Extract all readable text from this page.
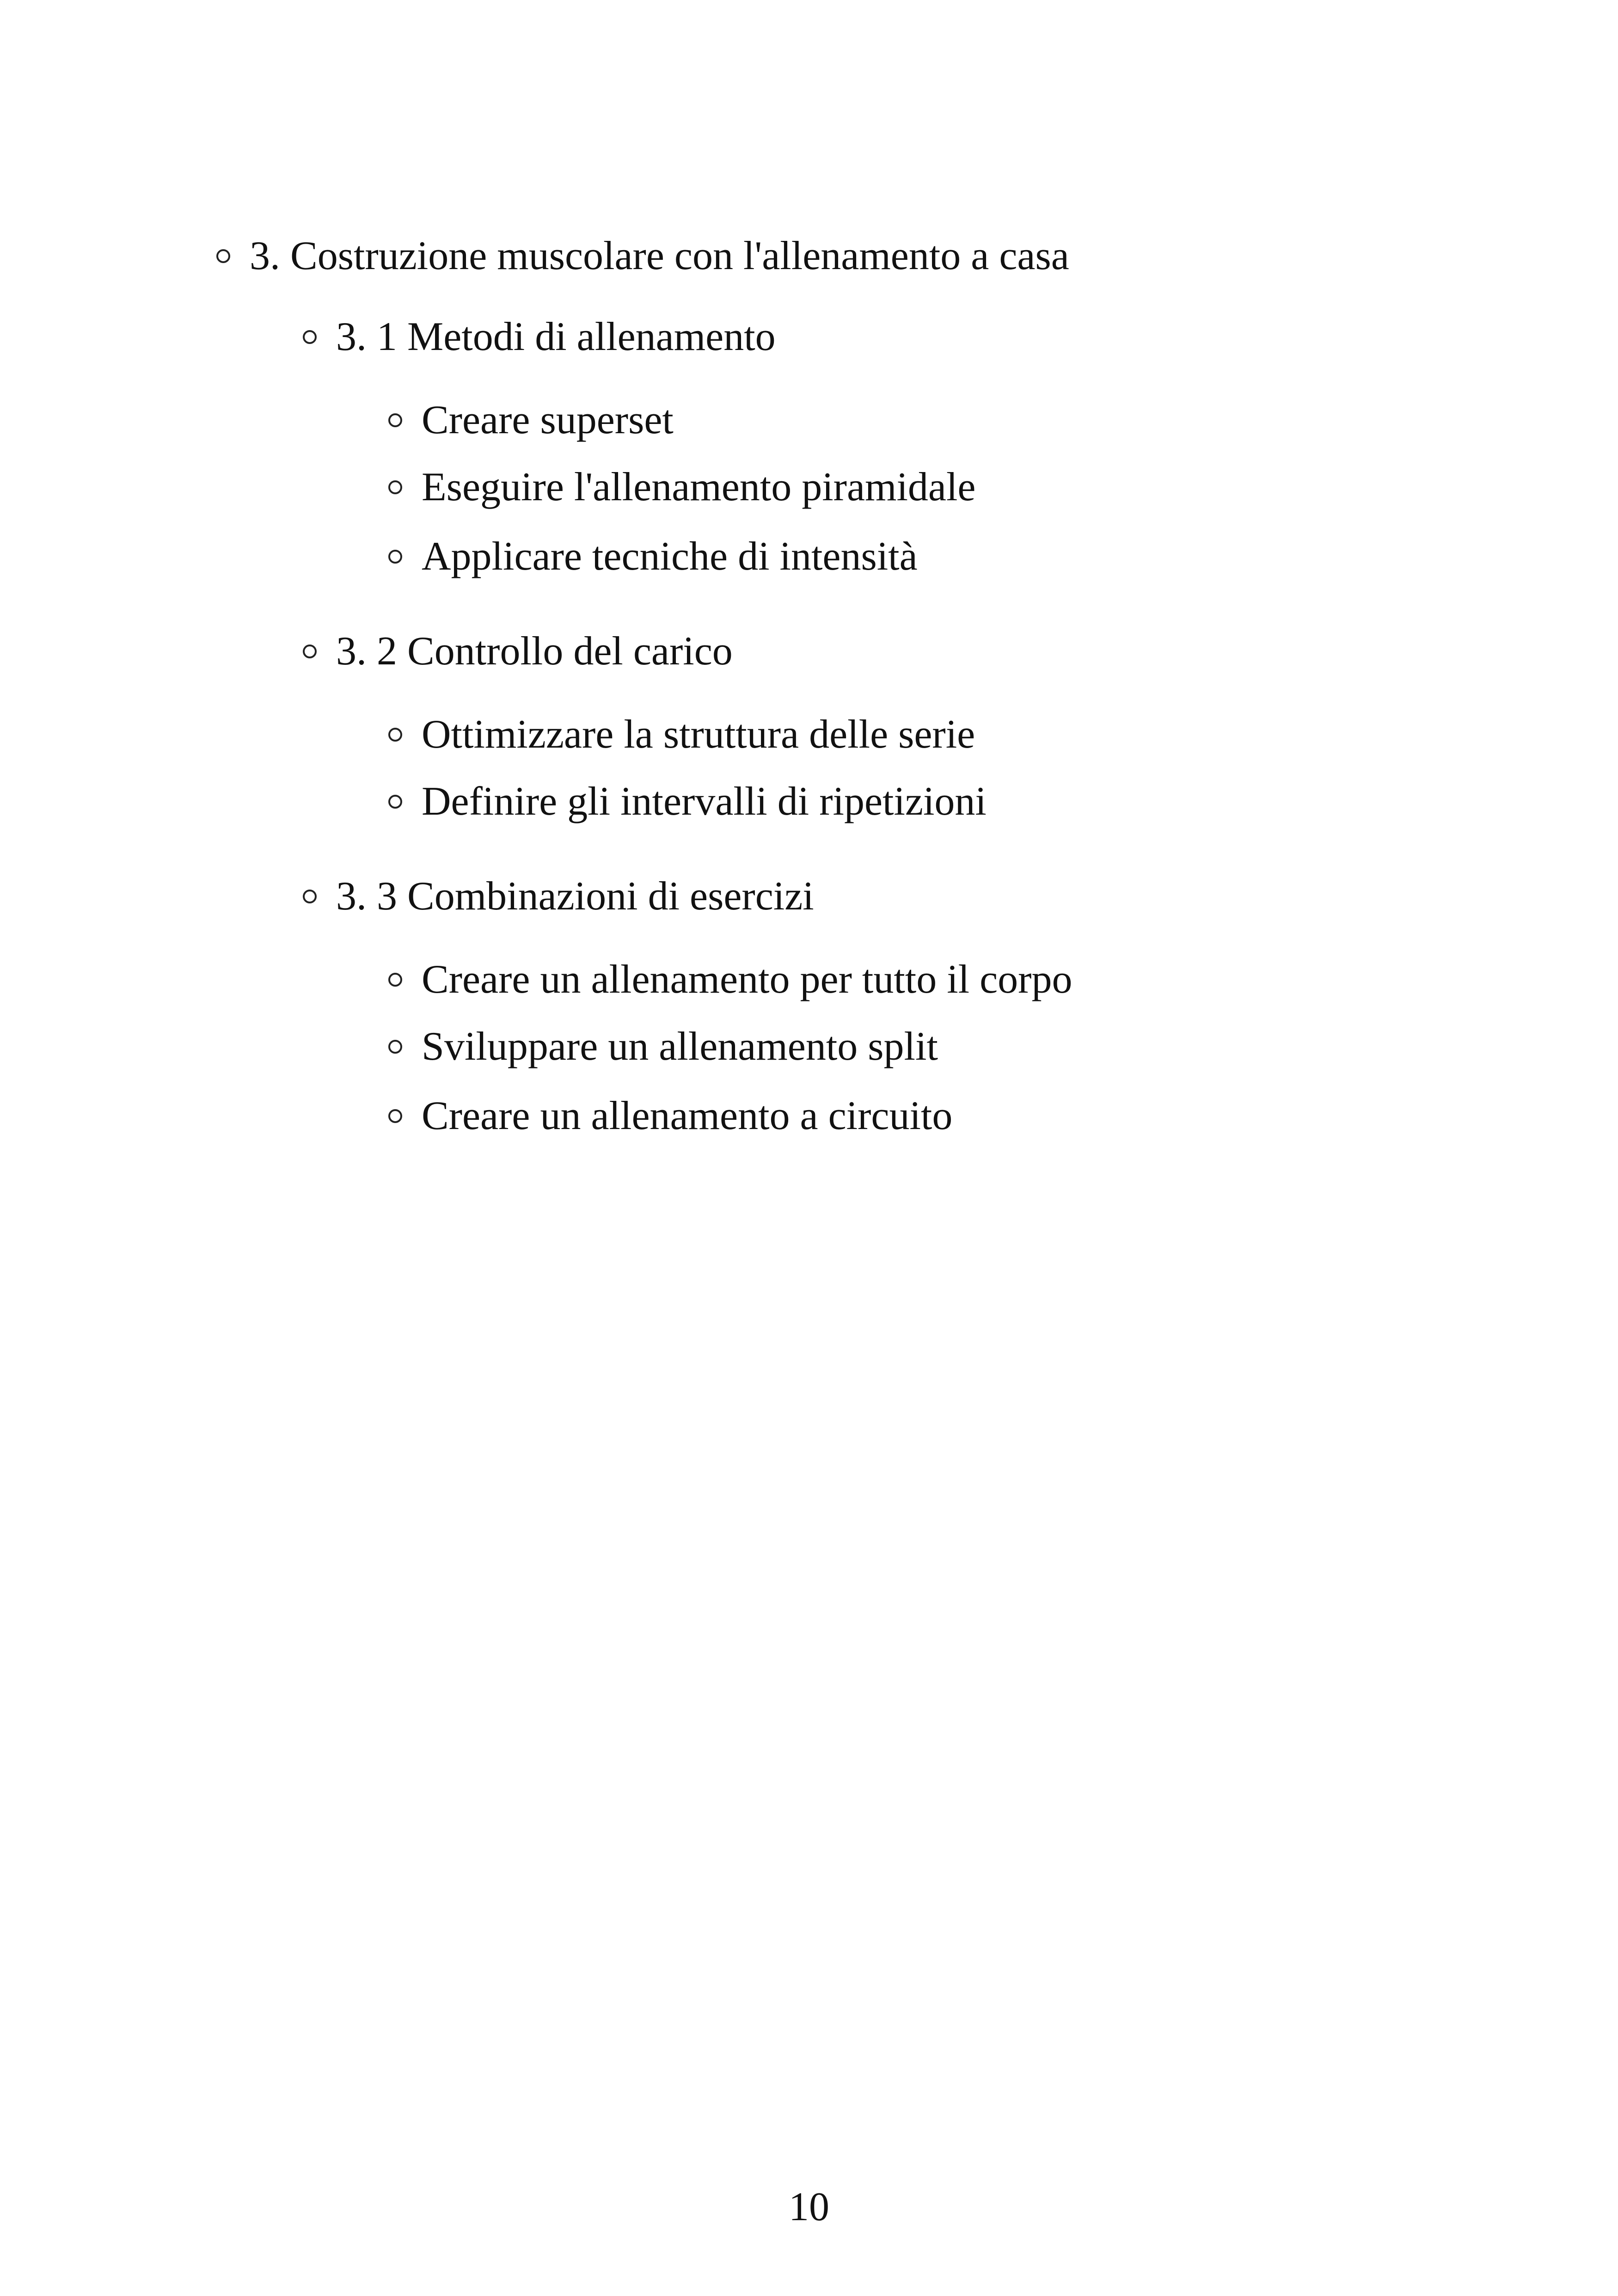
3. Costruzione muscolare con l'allenamento a casa
3. 1 Metodi di allenamento
Creare superset
Eseguire l'allenamento piramidale
Applicare tecniche di intensità
3. 2 Controllo del carico
Ottimizzare la struttura delle serie
Definire gli intervalli di ripetizioni
3. 3 Combinazioni di esercizi
Creare un allenamento per tutto il corpo
Sviluppare un allenamento split
Creare un allenamento a circuito
10
